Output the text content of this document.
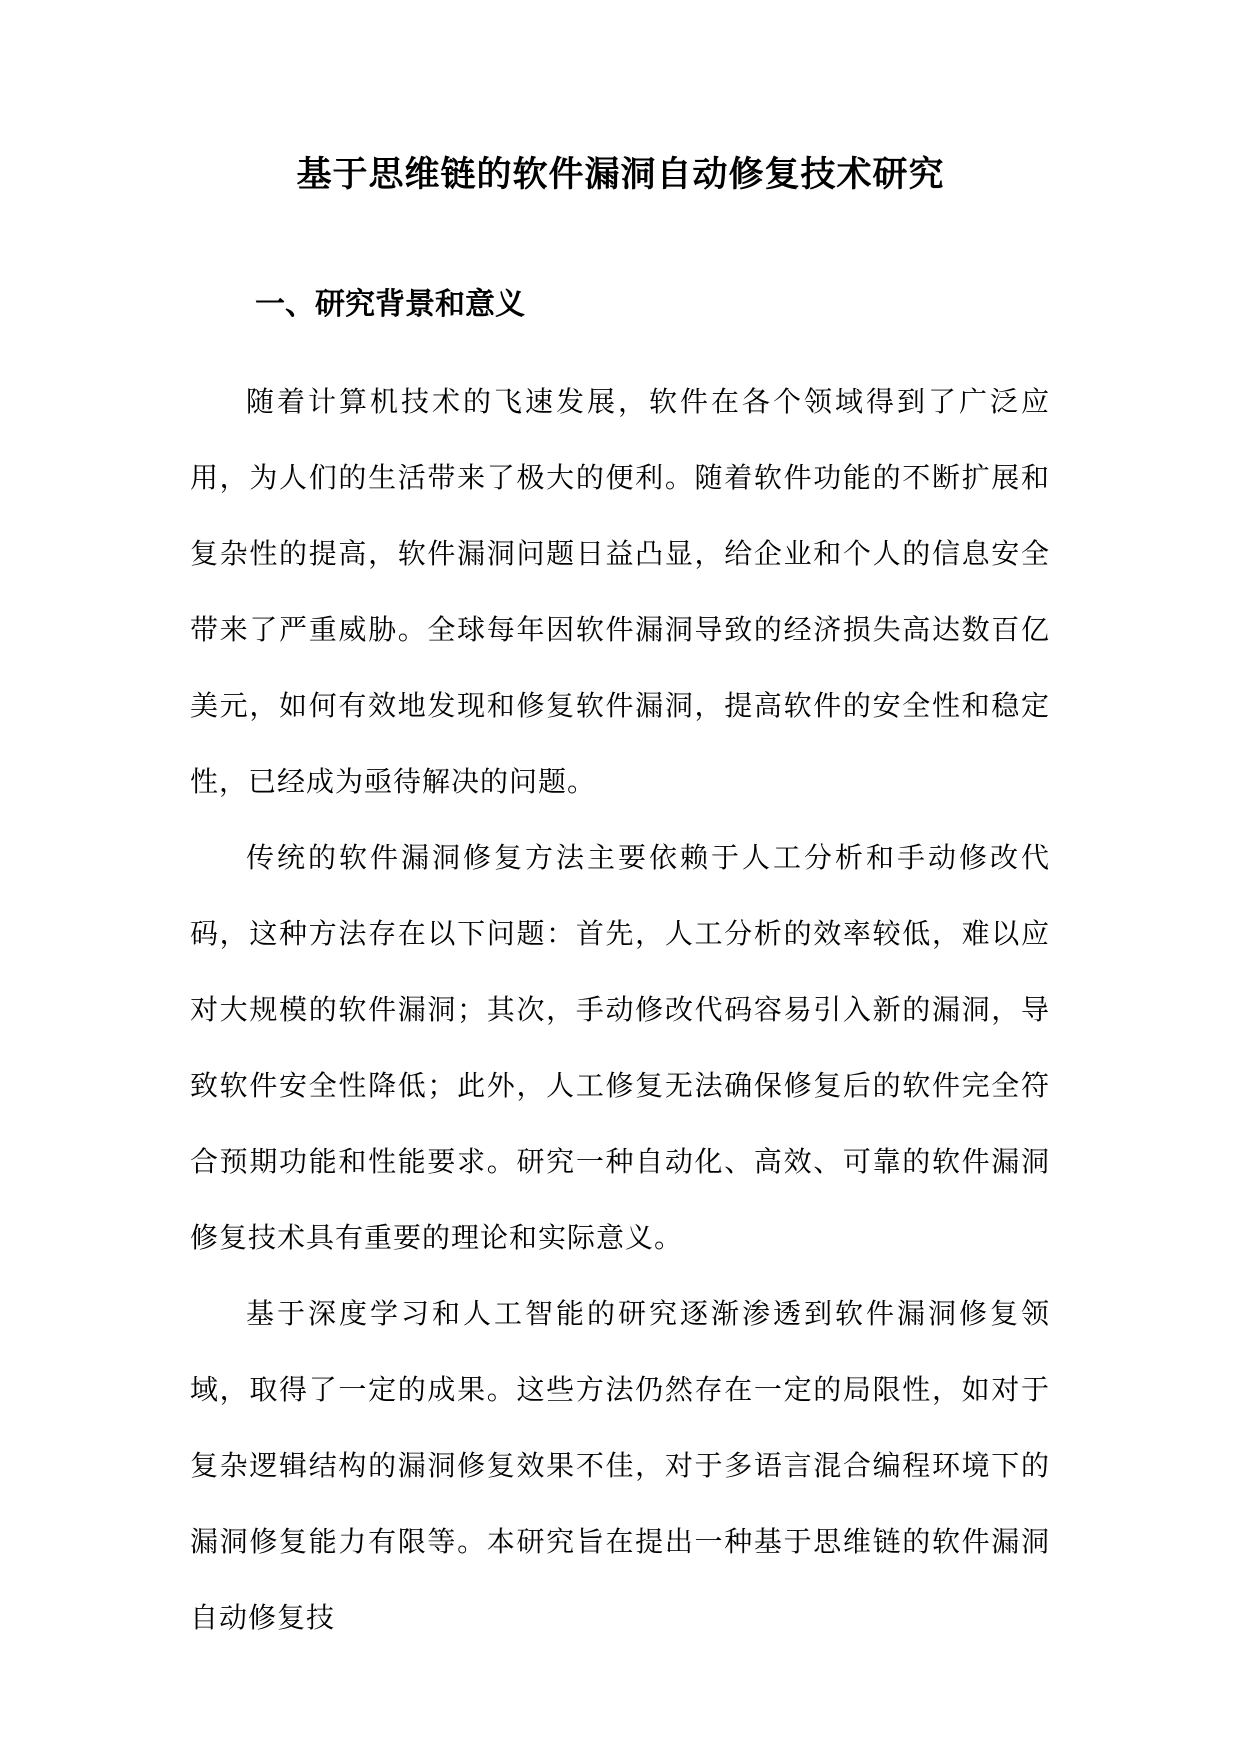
基于思维链的软件漏洞自动修复技术研究
一、研究背景和意义

随着计算机技术的飞速发展，软件在各个领域得到了广泛应用，为人们的生活带来了极大的便利。随着软件功能的不断扩展和复杂性的提高，软件漏洞问题日益凸显，给企业和个人的信息安全带来了严重威胁。全球每年因软件漏洞导致的经济损失高达数百亿美元，如何有效地发现和修复软件漏洞，提高软件的安全性和稳定性，已经成为亟待解决的问题。

传统的软件漏洞修复方法主要依赖于人工分析和手动修改代码，这种方法存在以下问题：首先，人工分析的效率较低，难以应对大规模的软件漏洞；其次，手动修改代码容易引入新的漏洞，导致软件安全性降低；此外，人工修复无法确保修复后的软件完全符合预期功能和性能要求。研究一种自动化、高效、可靠的软件漏洞修复技术具有重要的理论和实际意义。

基于深度学习和人工智能的研究逐渐渗透到软件漏洞修复领域，取得了一定的成果。这些方法仍然存在一定的局限性，如对于复杂逻辑结构的漏洞修复效果不佳，对于多语言混合编程环境下的漏洞修复能力有限等。本研究旨在提出一种基于思维链的软件漏洞自动修复技
